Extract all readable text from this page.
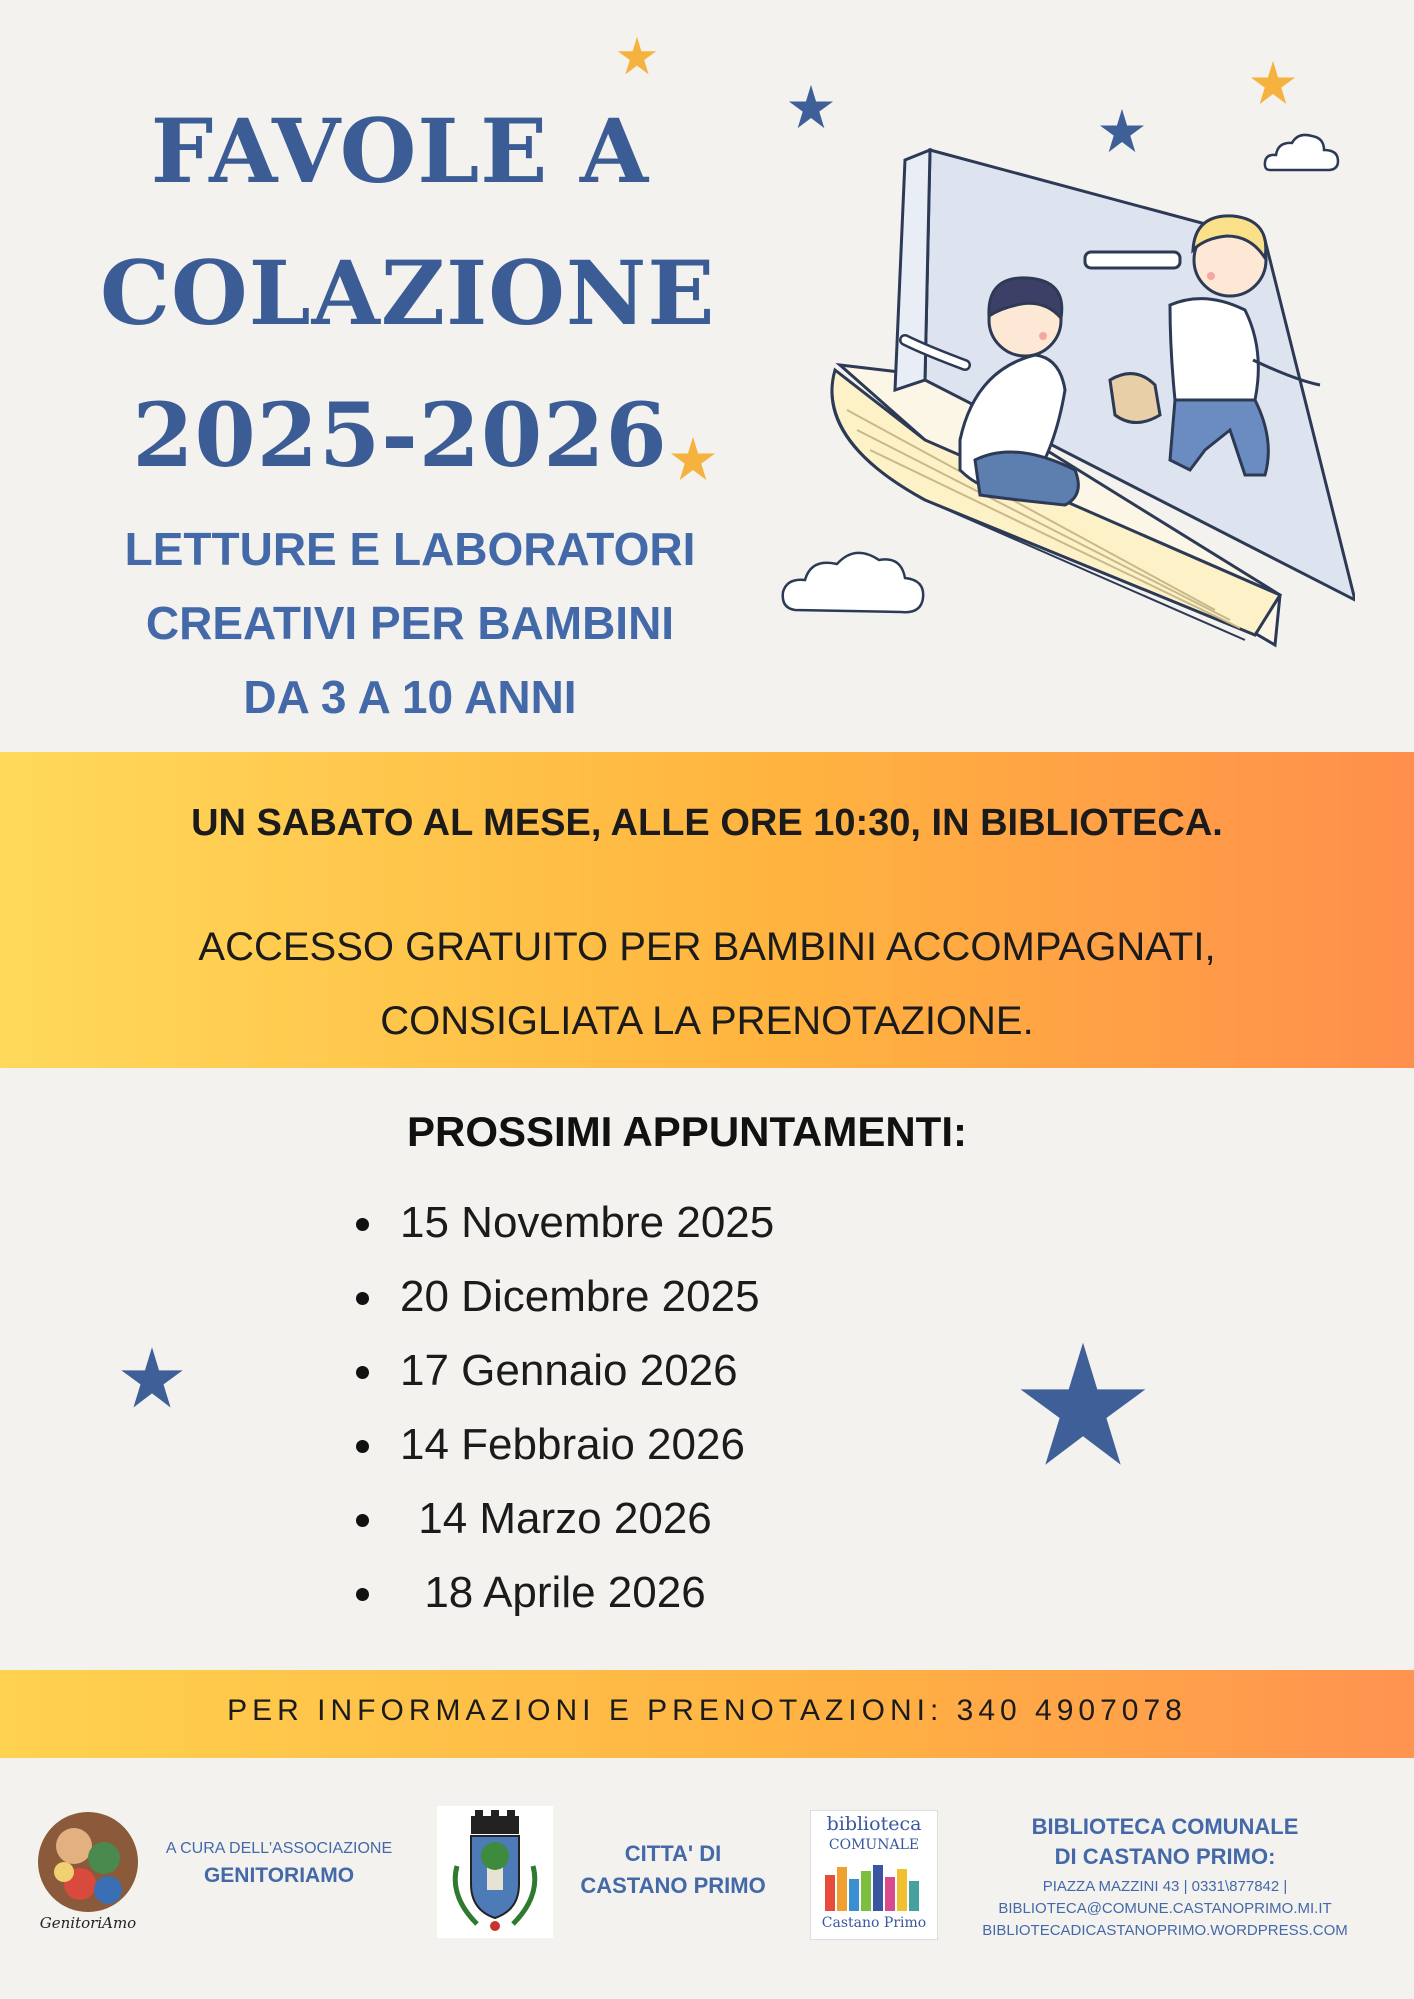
FAVOLE A
COLAZIONE
2025-2026
LETTURE E LABORATORI
CREATIVI PER BAMBINI
DA 3 A 10 ANNI
UN SABATO AL MESE, ALLE ORE 10:30, IN BIBLIOTECA.
ACCESSO GRATUITO PER BAMBINI ACCOMPAGNATI,
CONSIGLIATA LA PRENOTAZIONE.
PROSSIMI APPUNTAMENTI:
15 Novembre 2025
20 Dicembre 2025
17 Gennaio 2026
14 Febbraio 2026
14 Marzo 2026
18 Aprile 2026
PER INFORMAZIONI E PRENOTAZIONI: 340 4907078
GenitoriAmo
A CURA DELL'ASSOCIAZIONE
GENITORIAMO
CITTA' DI
CASTANO PRIMO
biblioteca
COMUNALE
Castano Primo
BIBLIOTECA COMUNALE
DI CASTANO PRIMO:
PIAZZA MAZZINI 43 | 0331\877842 |
BIBLIOTECA@COMUNE.CASTANOPRIMO.MI.IT
BIBLIOTECADICASTANOPRIMO.WORDPRESS.COM
